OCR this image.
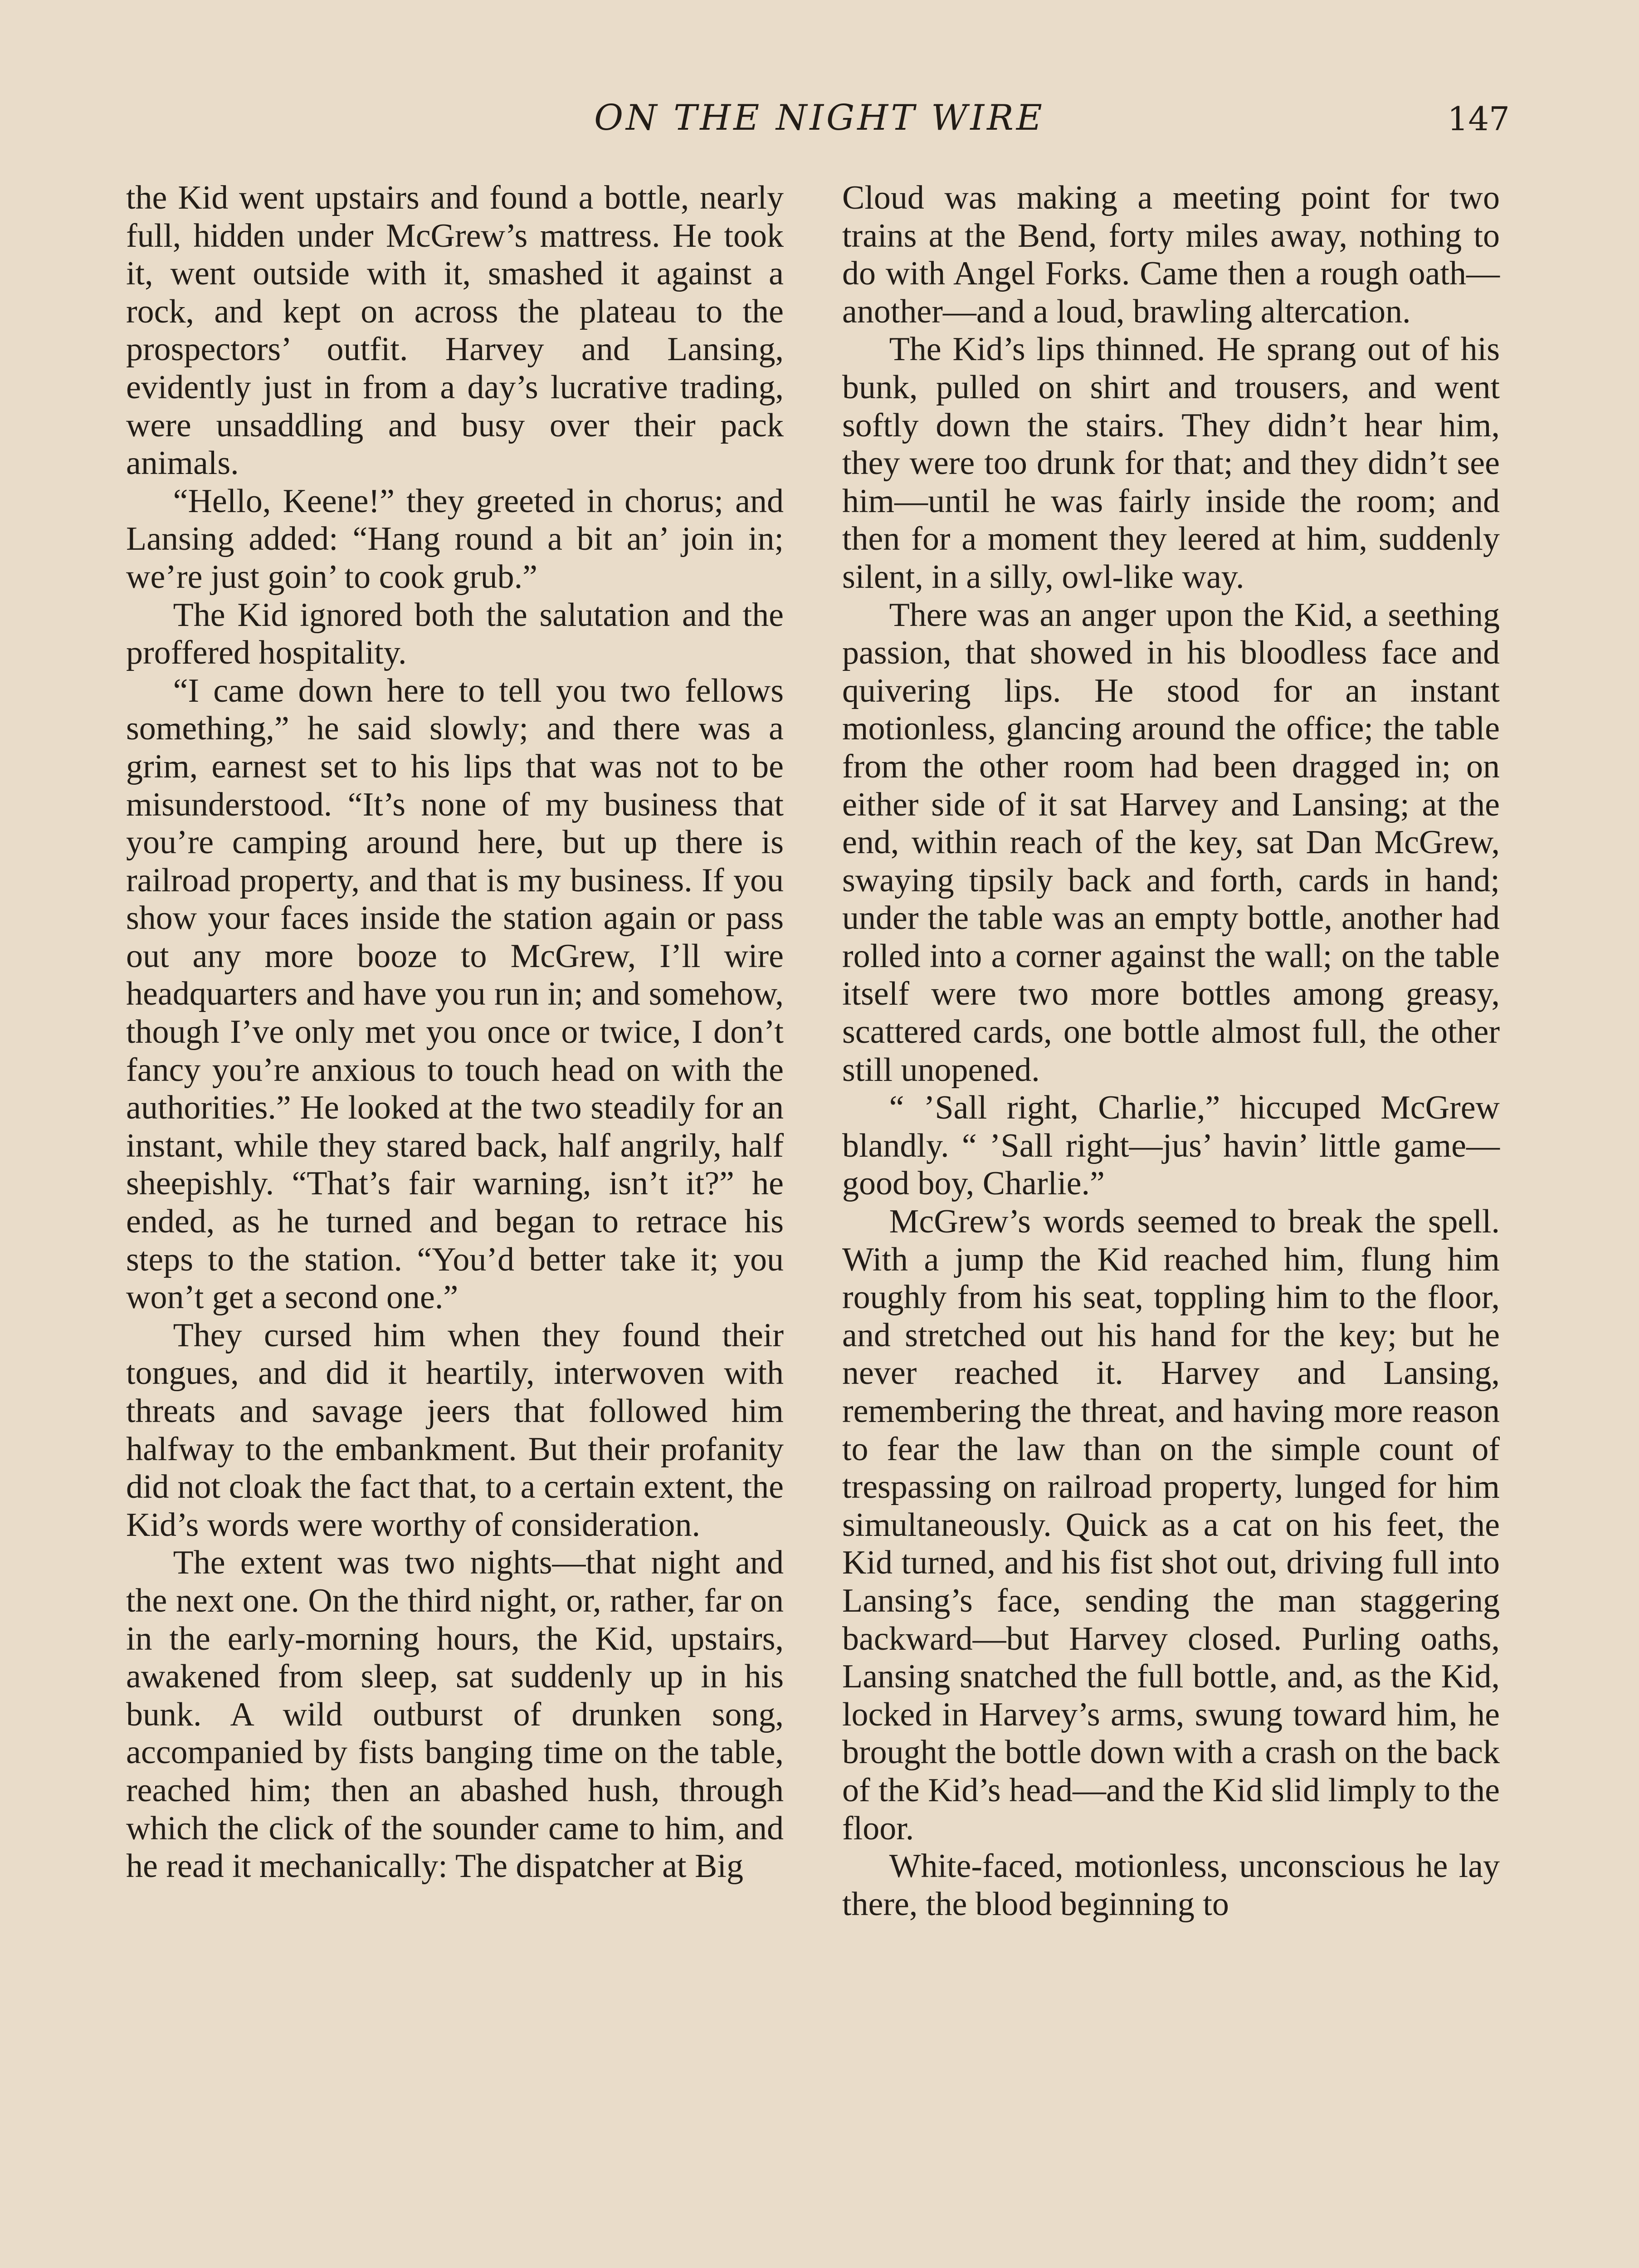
ON THE NIGHT WIRE	147

the Kid went upstairs and found a bottle, nearly full, hidden under McGrew’s mattress. He took it, went outside with it, smashed it against a rock, and kept on across the plateau to the prospectors’ outfit. Harvey and Lansing, evidently just in from a day’s lucrative trading, were unsaddling and busy over their pack animals.

“Hello, Keene!” they greeted in chorus; and Lansing added: “Hang round a bit an’ join in; we’re just goin’ to cook grub.”

The Kid ignored both the salutation and the proffered hospitality.

“I came down here to tell you two fellows something,” he said slowly; and there was a grim, earnest set to his lips that was not to be misunderstood. “It’s none of my business that you’re camping around here, but up there is railroad property, and that is my business. If you show your faces inside the station again or pass out any more booze to McGrew, I’ll wire headquarters and have you run in; and somehow, though I’ve only met you once or twice, I don’t fancy you’re anxious to touch head on with the authorities.” He looked at the two steadily for an instant, while they stared back, half angrily, half sheepishly. “That’s fair warning, isn’t it?” he ended, as he turned and began to retrace his steps to the station. “You’d better take it; you won’t get a second one.”

They cursed him when they found their tongues, and did it heartily, interwoven with threats and savage jeers that followed him halfway to the embankment. But their profanity did not cloak the fact that, to a certain extent, the Kid’s words were worthy of consideration.

The extent was two nights—that night and the next one. On the third night, or, rather, far on in the early-morning hours, the Kid, upstairs, awakened from sleep, sat suddenly up in his bunk. A wild outburst of drunken song, accompanied by fists banging time on the table, reached him; then an abashed hush, through which the click of the sounder came to him, and he read it mechanically: The dispatcher at Big

Cloud was making a meeting point for two trains at the Bend, forty miles away, nothing to do with Angel Forks. Came then a rough oath—another—and a loud, brawling altercation.

The Kid’s lips thinned. He sprang out of his bunk, pulled on shirt and trousers, and went softly down the stairs. They didn’t hear him, they were too drunk for that; and they didn’t see him—until he was fairly inside the room; and then for a moment they leered at him, suddenly silent, in a silly, owl-like way.

There was an anger upon the Kid, a seething passion, that showed in his bloodless face and quivering lips. He stood for an instant motionless, glancing around the office; the table from the other room had been dragged in; on either side of it sat Harvey and Lansing; at the end, within reach of the key, sat Dan McGrew, swaying tipsily back and forth, cards in hand; under the table was an empty bottle, another had rolled into a corner against the wall; on the table itself were two more bottles among greasy, scattered cards, one bottle almost full, the other still unopened.

“ ’Sall right, Charlie,” hiccuped McGrew blandly. “ ’Sall right—jus’ havin’ little game—good boy, Charlie.”

McGrew’s words seemed to break the spell. With a jump the Kid reached him, flung him roughly from his seat, toppling him to the floor, and stretched out his hand for the key; but he never reached it. Harvey and Lansing, remembering the threat, and having more reason to fear the law than on the simple count of trespassing on railroad property, lunged for him simultaneously. Quick as a cat on his feet, the Kid turned, and his fist shot out, driving full into Lansing’s face, sending the man staggering backward—but Harvey closed. Purling oaths, Lansing snatched the full bottle, and, as the Kid, locked in Harvey’s arms, swung toward him, he brought the bottle down with a crash on the back of the Kid’s head—and the Kid slid limply to the floor.

White-faced, motionless, unconscious he lay there, the blood beginning to
